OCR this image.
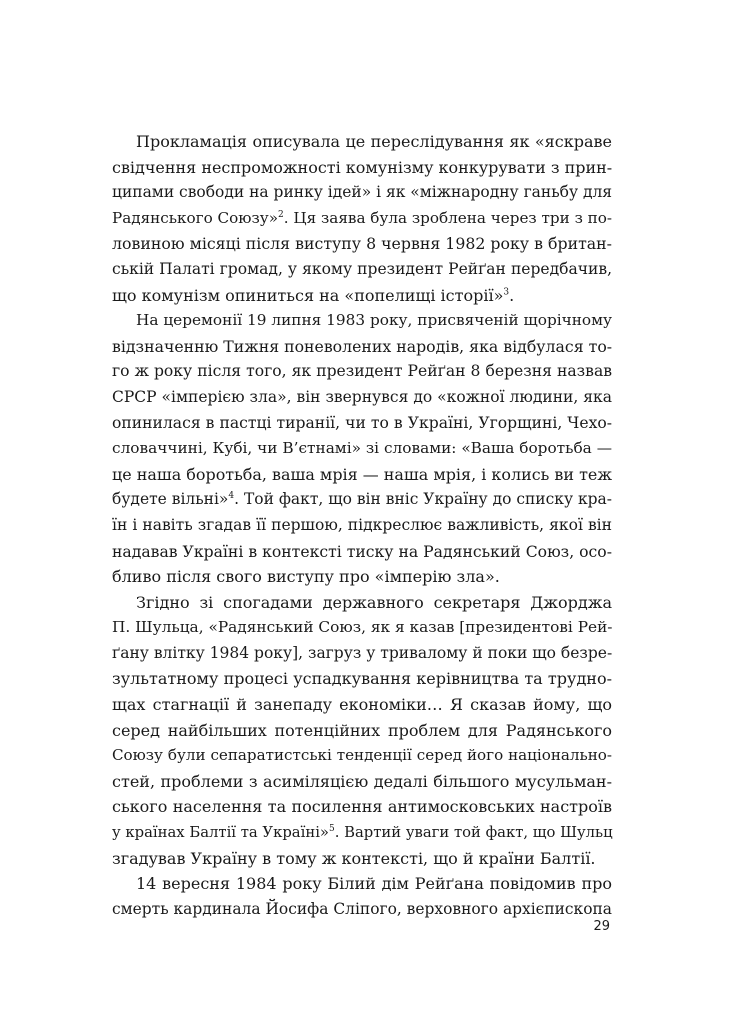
Прокламація описувала це переслідування як «яскраве
свідчення неспроможності комунізму конкурувати з прин-
ципами свободи на ринку ідей» і як «міжнародну ганьбу для
Радянського Союзу»$^2$. Ця заява була зроблена через три з по-
ловиною місяці після виступу 8 червня 1982 року в британ-
ській Палаті громад, у якому президент Рейґан передбачив,
що комунізм опиниться на «попелищі історії»$^3$.
На церемонії 19 липня 1983 року, присвяченій щорічному
відзначенню Тижня поневолених народів, яка відбулася то-
го ж року після того, як президент Рейґан 8 березня назвав
СРСР «імперією зла», він звернувся до «кожної людини, яка
опинилася в пастці тиранії, чи то в Україні, Угорщині, Чехо-
словаччині, Кубі, чи В’єтнамі» зі словами: «Ваша боротьба —
це наша боротьба, ваша мрія — наша мрія, і колись ви теж
будете вільні»$^4$. Той факт, що він вніс Україну до списку кра-
їн і навіть згадав її першою, підкреслює важливість, якої він
надавав Україні в контексті тиску на Радянський Союз, осо-
бливо після свого виступу про «імперію зла».
Згідно зі спогадами державного секретаря Джорджа
П. Шульца, «Радянський Союз, як я казав [президентові Рей-
ґану влітку 1984 року], загруз у тривалому й поки що безре-
зультатному процесі успадкування керівництва та трудно-
щах стагнації й занепаду економіки… Я сказав йому, що
серед найбільших потенційних проблем для Радянського
Союзу були сепаратистські тенденції серед його національно-
стей, проблеми з асиміляцією дедалі більшого мусульман-
ського населення та посилення антимосковських настроїв
у країнах Балтії та Україні»$^5$. Вартий уваги той факт, що Шульц
згадував Україну в тому ж контексті, що й країни Балтії.
14 вересня 1984 року Білий дім Рейґана повідомив про
смерть кардинала Йосифа Сліпого, верховного архієпископа
29
